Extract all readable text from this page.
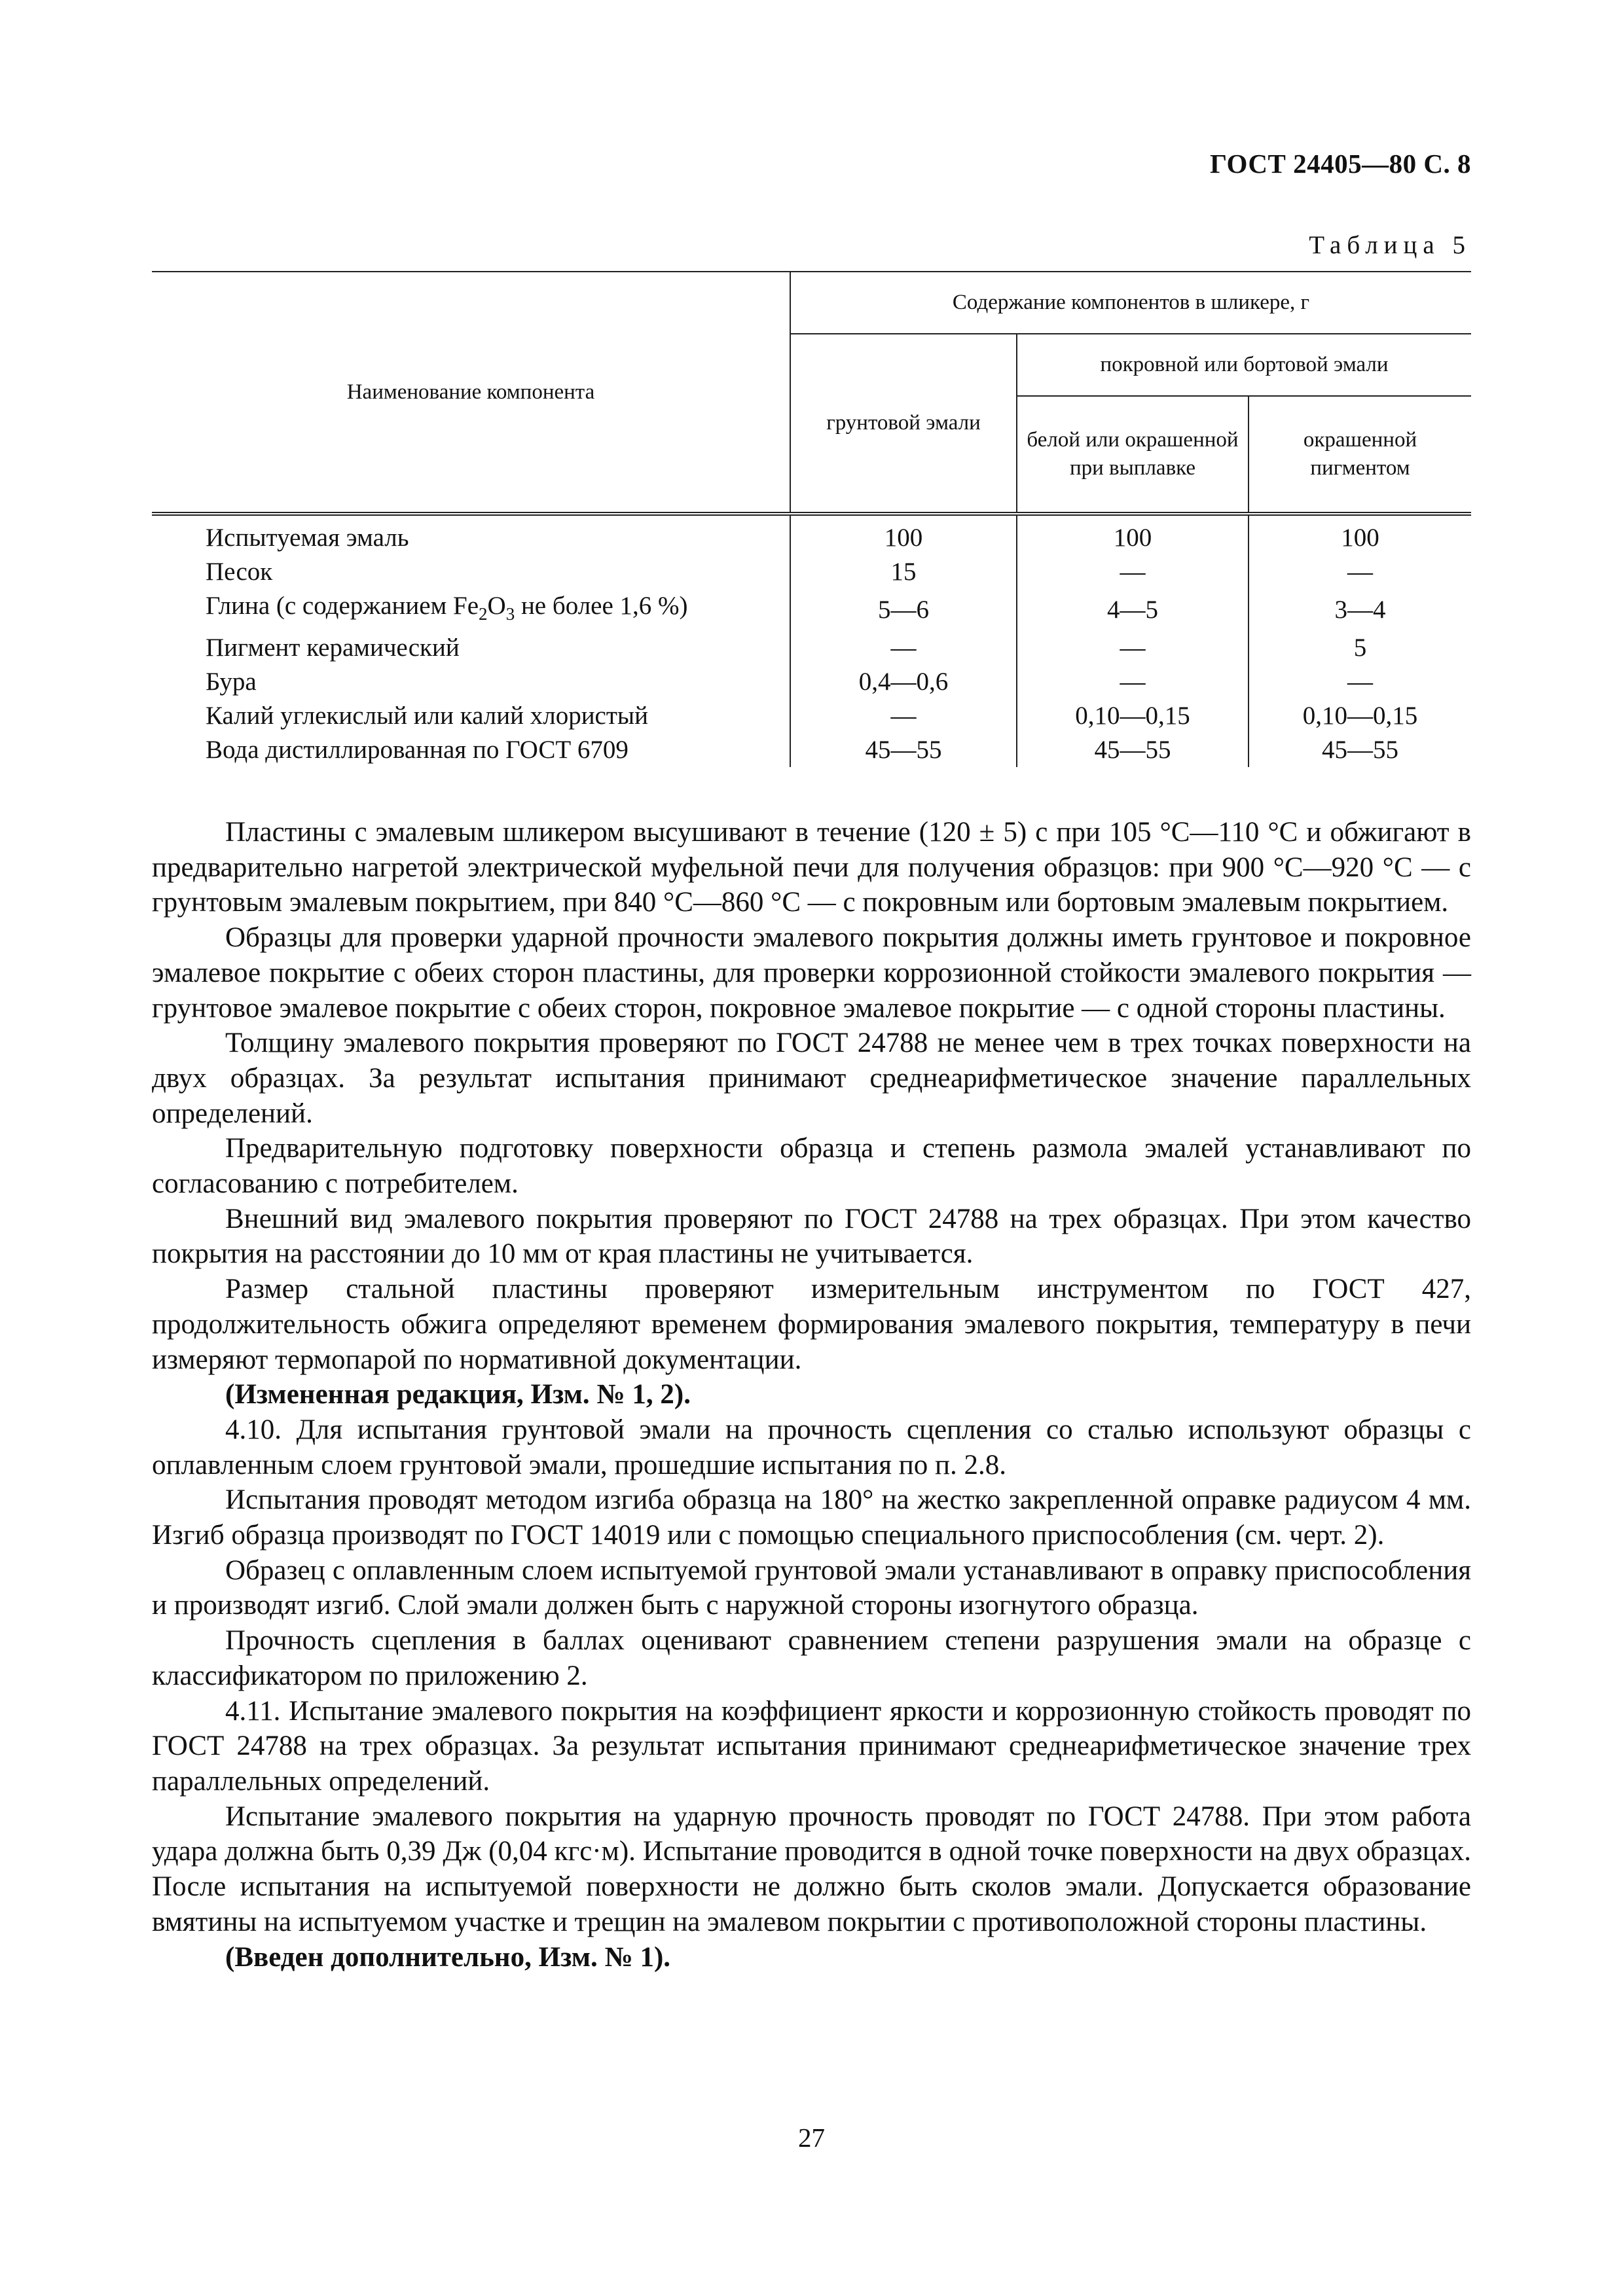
ГОСТ 24405—80 С. 8
Таблица 5
Наименование компонента	Содержание компонентов в шликере, г		
	грунтовой эмали	покровной или бортовой эмали	
		белой или окрашенной при выплавке	окрашенной пигментом
Испытуемая эмаль	100	100	100
Песок	15	—	—
Глина (с содержанием $Fe_2O_3$ не более 1,6 %)	5—6	4—5	3—4
Пигмент керамический	—	—	5
Бура	0,4—0,6	—	—
Калий углекислый или калий хлористый	—	0,10—0,15	0,10—0,15
Вода дистиллированная по ГОСТ 6709	45—55	45—55	45—55

Пластины с эмалевым шликером высушивают в течение (120 ± 5) с при 105 °С—110 °С и обжигают в предварительно нагретой электрической муфельной печи для получения образцов: при 900 °С—920 °С — с грунтовым эмалевым покрытием, при 840 °С—860 °С — с покровным или бортовым эмалевым покрытием.

Образцы для проверки ударной прочности эмалевого покрытия должны иметь грунтовое и покровное эмалевое покрытие с обеих сторон пластины, для проверки коррозионной стойкости эмалевого покрытия — грунтовое эмалевое покрытие с обеих сторон, покровное эмалевое покрытие — с одной стороны пластины.

Толщину эмалевого покрытия проверяют по ГОСТ 24788 не менее чем в трех точках поверхности на двух образцах. За результат испытания принимают среднеарифметическое значение параллельных определений.

Предварительную подготовку поверхности образца и степень размола эмалей устанавливают по согласованию с потребителем.

Внешний вид эмалевого покрытия проверяют по ГОСТ 24788 на трех образцах. При этом качество покрытия на расстоянии до 10 мм от края пластины не учитывается.

Размер стальной пластины проверяют измерительным инструментом по ГОСТ 427, продолжительность обжига определяют временем формирования эмалевого покрытия, температуру в печи измеряют термопарой по нормативной документации.

(Измененная редакция, Изм. № 1, 2).

4.10. Для испытания грунтовой эмали на прочность сцепления со сталью используют образцы с оплавленным слоем грунтовой эмали, прошедшие испытания по п. 2.8.

Испытания проводят методом изгиба образца на 180° на жестко закрепленной оправке радиусом 4 мм. Изгиб образца производят по ГОСТ 14019 или с помощью специального приспособления (см. черт. 2).

Образец с оплавленным слоем испытуемой грунтовой эмали устанавливают в оправку приспособления и производят изгиб. Слой эмали должен быть с наружной стороны изогнутого образца.

Прочность сцепления в баллах оценивают сравнением степени разрушения эмали на образце с классификатором по приложению 2.

4.11. Испытание эмалевого покрытия на коэффициент яркости и коррозионную стойкость проводят по ГОСТ 24788 на трех образцах. За результат испытания принимают среднеарифметическое значение трех параллельных определений.

Испытание эмалевого покрытия на ударную прочность проводят по ГОСТ 24788. При этом работа удара должна быть 0,39 Дж (0,04 кгс·м). Испытание проводится в одной точке поверхности на двух образцах. После испытания на испытуемой поверхности не должно быть сколов эмали. Допускается образование вмятины на испытуемом участке и трещин на эмалевом покрытии с противоположной стороны пластины.

(Введен дополнительно, Изм. № 1).

27
